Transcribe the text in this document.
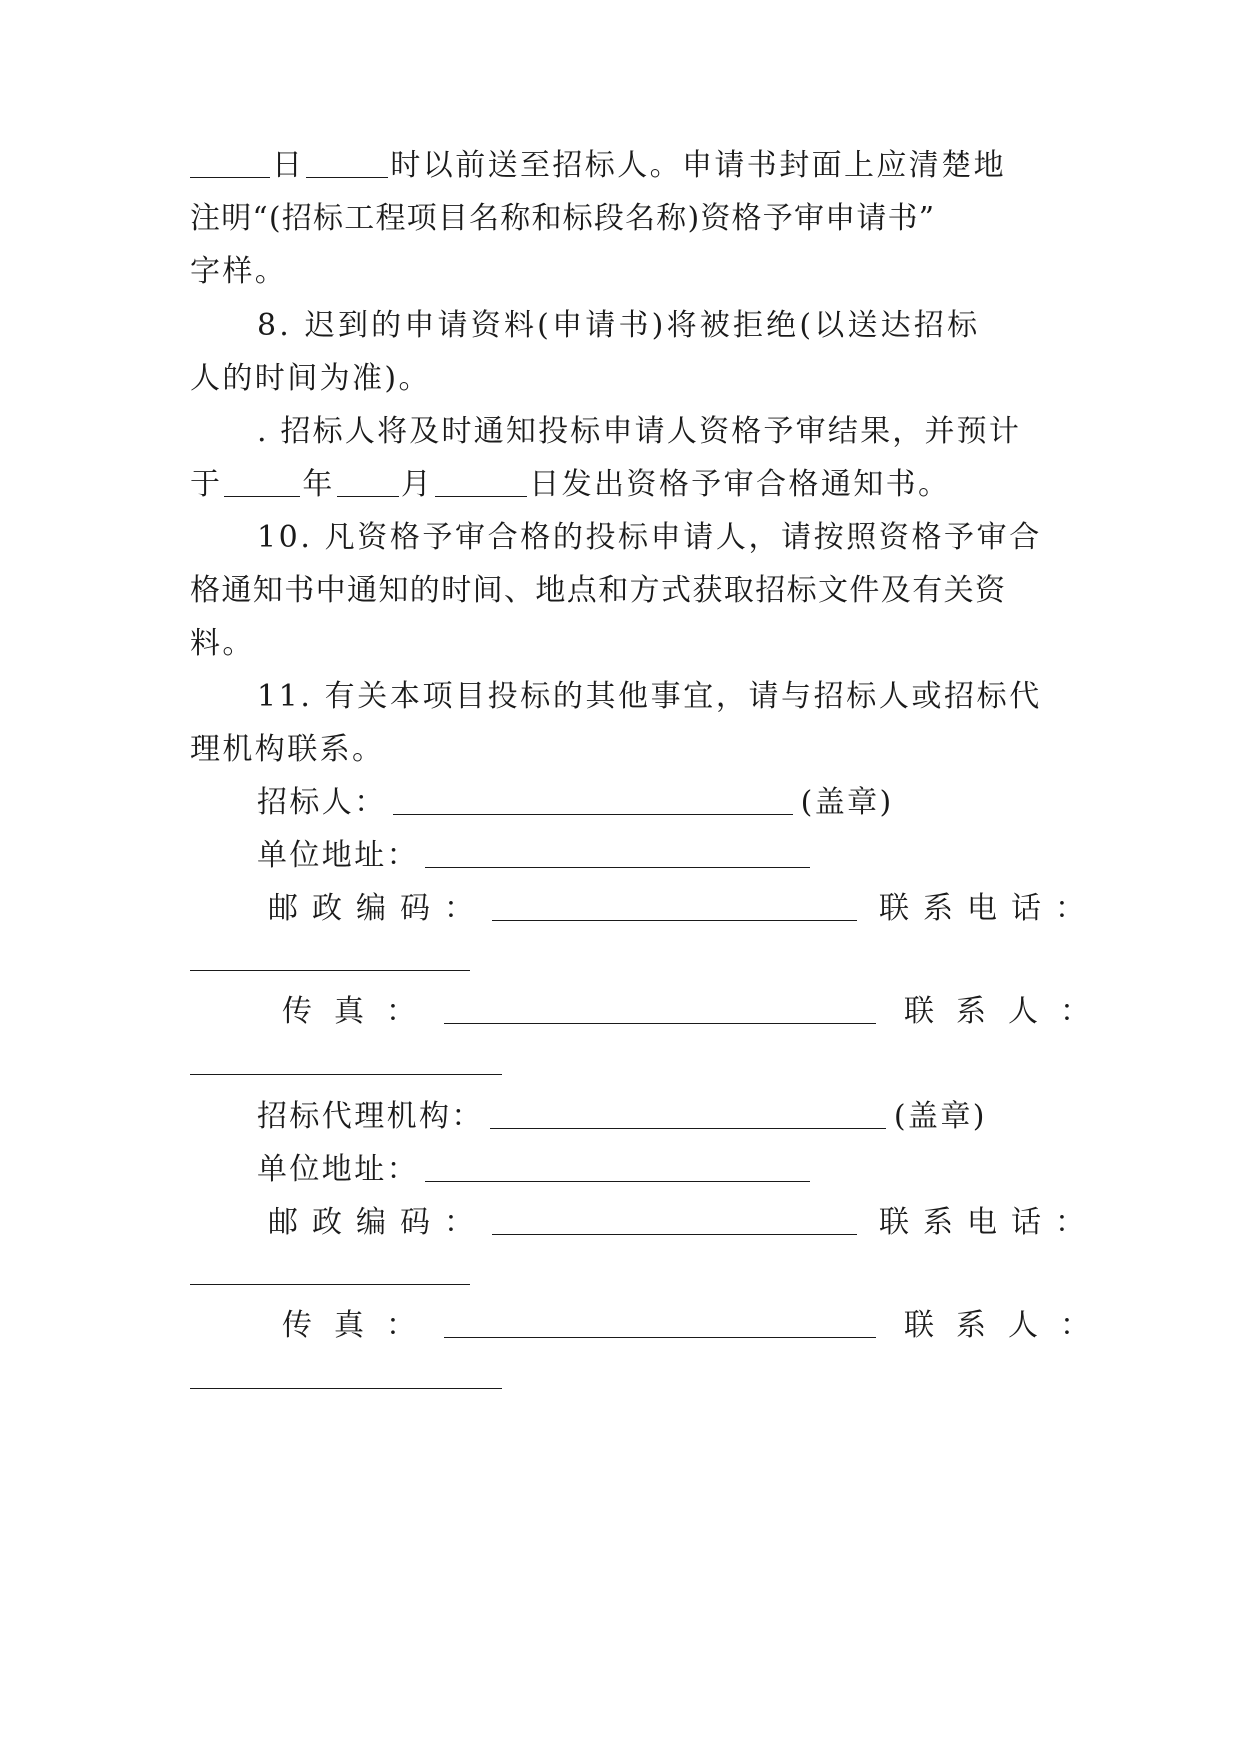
日	时以前送至招标人。申请书封面上应清楚地
注明“(招标工程项目名称和标段名称)资格予审申请书”
字样。
8. 迟到的申请资料(申请书)将被拒绝(以送达招标
人的时间为准)。
. 招标人将及时通知投标申请人资格予审结果，并预计
于	年 月	日发出资格予审合格通知书。
10. 凡资格予审合格的投标申请人，请按照资格予审合
格通知书中通知的时间、地点和方式获取招标文件及有关资
料。
11. 有关本项目投标的其他事宜，请与招标人或招标代
理机构联系。
招标人：	(盖章)
单位地址：
邮政编码：	联系电话：
传真：	联系人：
招标代理机构：	(盖章)
单位地址：
邮政编码：	联系电话：
传真：	联系人：
